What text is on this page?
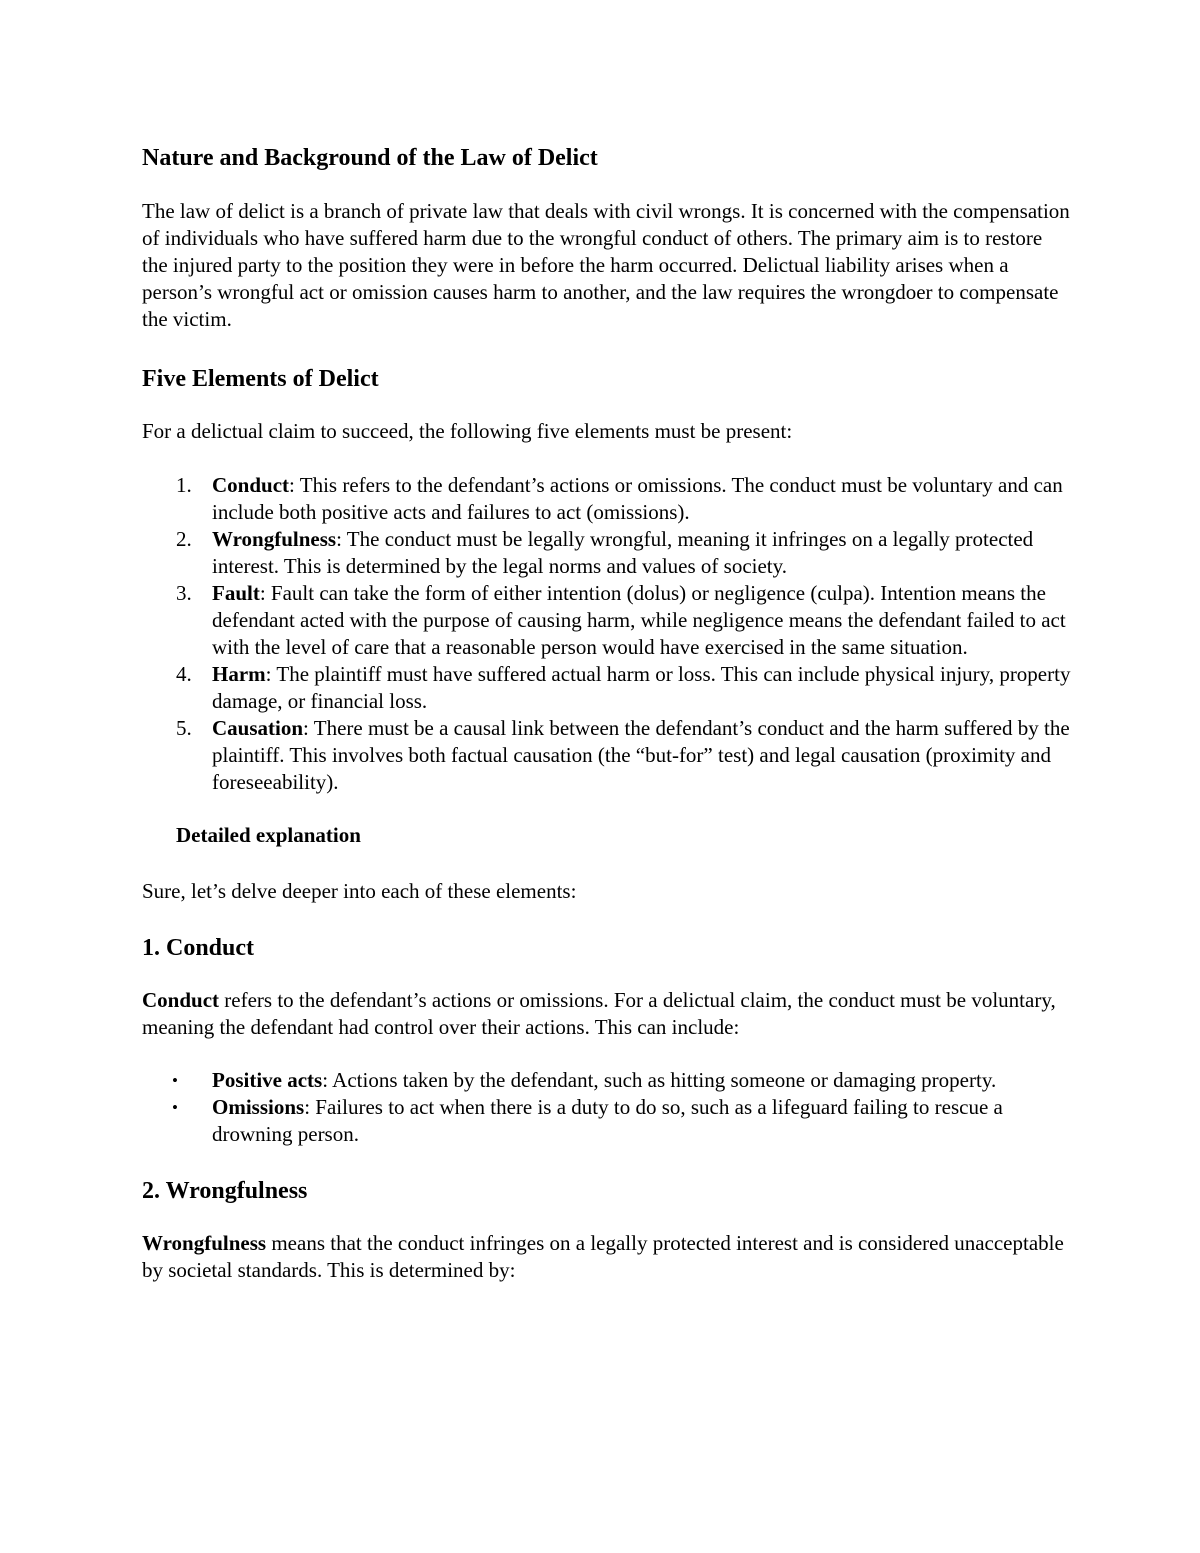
Nature and Background of the Law of Delict

The law of delict is a branch of private law that deals with civil wrongs. It is concerned with the compensation of individuals who have suffered harm due to the wrongful conduct of others. The primary aim is to restore the injured party to the position they were in before the harm occurred. Delictual liability arises when a person’s wrongful act or omission causes harm to another, and the law requires the wrongdoer to compensate the victim.

Five Elements of Delict

For a delictual claim to succeed, the following five elements must be present:

1. Conduct: This refers to the defendant’s actions or omissions. The conduct must be voluntary and can include both positive acts and failures to act (omissions).
2. Wrongfulness: The conduct must be legally wrongful, meaning it infringes on a legally protected interest. This is determined by the legal norms and values of society.
3. Fault: Fault can take the form of either intention (dolus) or negligence (culpa). Intention means the defendant acted with the purpose of causing harm, while negligence means the defendant failed to act with the level of care that a reasonable person would have exercised in the same situation.
4. Harm: The plaintiff must have suffered actual harm or loss. This can include physical injury, property damage, or financial loss.
5. Causation: There must be a causal link between the defendant’s conduct and the harm suffered by the plaintiff. This involves both factual causation (the “but-for” test) and legal causation (proximity and foreseeability).

Detailed explanation

Sure, let’s delve deeper into each of these elements:

1. Conduct

Conduct refers to the defendant’s actions or omissions. For a delictual claim, the conduct must be voluntary, meaning the defendant had control over their actions. This can include:

• Positive acts: Actions taken by the defendant, such as hitting someone or damaging property.
• Omissions: Failures to act when there is a duty to do so, such as a lifeguard failing to rescue a drowning person.
2. Wrongfulness

Wrongfulness means that the conduct infringes on a legally protected interest and is considered unacceptable by societal standards. This is determined by:
